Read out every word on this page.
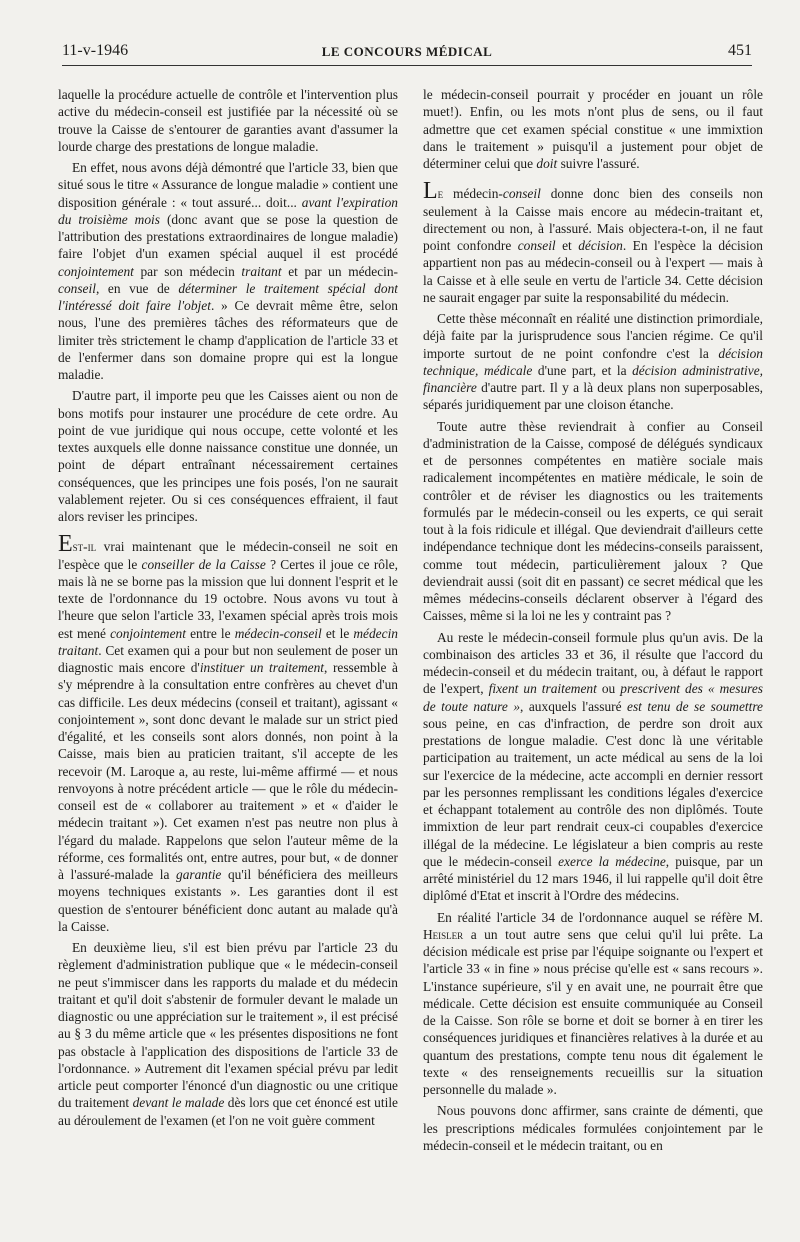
11-v-1946	LE CONCOURS MÉDICAL	451

laquelle la procédure actuelle de contrôle et l'intervention plus active du médecin-conseil est justifiée par la nécessité où se trouve la Caisse de s'entourer de garanties avant d'assumer la lourde charge des prestations de longue maladie.

En effet, nous avons déjà démontré que l'article 33, bien que situé sous le titre « Assurance de longue maladie » contient une disposition générale : « tout assuré... doit... avant l'expiration du troisième mois (donc avant que se pose la question de l'attribution des prestations extraordinaires de longue maladie) faire l'objet d'un examen spécial auquel il est procédé conjointement par son médecin traitant et par un médecin-conseil, en vue de déterminer le traitement spécial dont l'intéressé doit faire l'objet. » Ce devrait même être, selon nous, l'une des premières tâches des réformateurs que de limiter très strictement le champ d'application de l'article 33 et de l'enfermer dans son domaine propre qui est la longue maladie.

D'autre part, il importe peu que les Caisses aient ou non de bons motifs pour instaurer une procédure de cete ordre. Au point de vue juridique qui nous occupe, cette volonté et les textes auxquels elle donne naissance constitue une donnée, un point de départ entraînant nécessairement certaines conséquences, que les principes une fois posés, l'on ne saurait valablement rejeter. Ou si ces conséquences effraient, il faut alors reviser les principes.

Est-il vrai maintenant que le médecin-conseil ne soit en l'espèce que le conseiller de la Caisse ? Certes il joue ce rôle, mais là ne se borne pas la mission que lui donnent l'esprit et le texte de l'ordonnance du 19 octobre. Nous avons vu tout à l'heure que selon l'article 33, l'examen spécial après trois mois est mené conjointement entre le médecin-conseil et le médecin traitant. Cet examen qui a pour but non seulement de poser un diagnostic mais encore d'instituer un traitement, ressemble à s'y méprendre à la consultation entre confrères au chevet d'un cas difficile. Les deux médecins (conseil et traitant), agissant « conjointement », sont donc devant le malade sur un strict pied d'égalité, et les conseils sont alors donnés, non point à la Caisse, mais bien au praticien traitant, s'il accepte de les recevoir (M. Laroque a, au reste, lui-même affirmé — et nous renvoyons à notre précédent article — que le rôle du médecin-conseil est de « collaborer au traitement » et « d'aider le médecin traitant »). Cet examen n'est pas neutre non plus à l'égard du malade. Rappelons que selon l'auteur même de la réforme, ces formalités ont, entre autres, pour but, « de donner à l'assuré-malade la garantie qu'il bénéficiera des meilleurs moyens techniques existants ». Les garanties dont il est question de s'entourer bénéficient donc autant au malade qu'à la Caisse.

En deuxième lieu, s'il est bien prévu par l'article 23 du règlement d'administration publique que « le médecin-conseil ne peut s'immiscer dans les rapports du malade et du médecin traitant et qu'il doit s'abstenir de formuler devant le malade un diagnostic ou une appréciation sur le traitement », il est précisé au § 3 du même article que « les présentes dispositions ne font pas obstacle à l'application des dispositions de l'article 33 de l'ordonnance. » Autrement dit l'examen spécial prévu par ledit article peut comporter l'énoncé d'un diagnostic ou une critique du traitement devant le malade dès lors que cet énoncé est utile au déroulement de l'examen (et l'on ne voit guère comment

le médecin-conseil pourrait y procéder en jouant un rôle muet!). Enfin, ou les mots n'ont plus de sens, ou il faut admettre que cet examen spécial constitue « une immixtion dans le traitement » puisqu'il a justement pour objet de déterminer celui que doit suivre l'assuré.

Le médecin-conseil donne donc bien des conseils non seulement à la Caisse mais encore au médecin-traitant et, directement ou non, à l'assuré. Mais objectera-t-on, il ne faut point confondre conseil et décision. En l'espèce la décision appartient non pas au médecin-conseil ou à l'expert — mais à la Caisse et à elle seule en vertu de l'article 34. Cette décision ne saurait engager par suite la responsabilité du médecin.

Cette thèse méconnaît en réalité une distinction primordiale, déjà faite par la jurisprudence sous l'ancien régime. Ce qu'il importe surtout de ne point confondre c'est la décision technique, médicale d'une part, et la décision administrative, financière d'autre part. Il y a là deux plans non superposables, séparés juridiquement par une cloison étanche.

Toute autre thèse reviendrait à confier au Conseil d'administration de la Caisse, composé de délégués syndicaux et de personnes compétentes en matière sociale mais radicalement incompétentes en matière médicale, le soin de contrôler et de réviser les diagnostics ou les traitements formulés par le médecin-conseil ou les experts, ce qui serait tout à la fois ridicule et illégal. Que deviendrait d'ailleurs cette indépendance technique dont les médecins-conseils paraissent, comme tout médecin, particulièrement jaloux ? Que deviendrait aussi (soit dit en passant) ce secret médical que les mêmes médecins-conseils déclarent observer à l'égard des Caisses, même si la loi ne les y contraint pas ?

Au reste le médecin-conseil formule plus qu'un avis. De la combinaison des articles 33 et 36, il résulte que l'accord du médecin-conseil et du médecin traitant, ou, à défaut le rapport de l'expert, fixent un traitement ou prescrivent des « mesures de toute nature », auxquels l'assuré est tenu de se soumettre sous peine, en cas d'infraction, de perdre son droit aux prestations de longue maladie. C'est donc là une véritable participation au traitement, un acte médical au sens de la loi sur l'exercice de la médecine, acte accompli en dernier ressort par les personnes remplissant les conditions légales d'exercice et échappant totalement au contrôle des non diplômés. Toute immixtion de leur part rendrait ceux-ci coupables d'exercice illégal de la médecine. Le législateur a bien compris au reste que le médecin-conseil exerce la médecine, puisque, par un arrêté ministériel du 12 mars 1946, il lui rappelle qu'il doit être diplômé d'Etat et inscrit à l'Ordre des médecins.

En réalité l'article 34 de l'ordonnance auquel se réfère M. Heisler a un tout autre sens que celui qu'il lui prête. La décision médicale est prise par l'équipe soignante ou l'expert et l'article 33 « in fine » nous précise qu'elle est « sans recours ». L'instance supérieure, s'il y en avait une, ne pourrait être que médicale. Cette décision est ensuite communiquée au Conseil de la Caisse. Son rôle se borne et doit se borner à en tirer les conséquences juridiques et financières relatives à la durée et au quantum des prestations, compte tenu nous dit également le texte « des renseignements recueillis sur la situation personnelle du malade ».

Nous pouvons donc affirmer, sans crainte de démenti, que les prescriptions médicales formulées conjointement par le médecin-conseil et le médecin traitant, ou en
